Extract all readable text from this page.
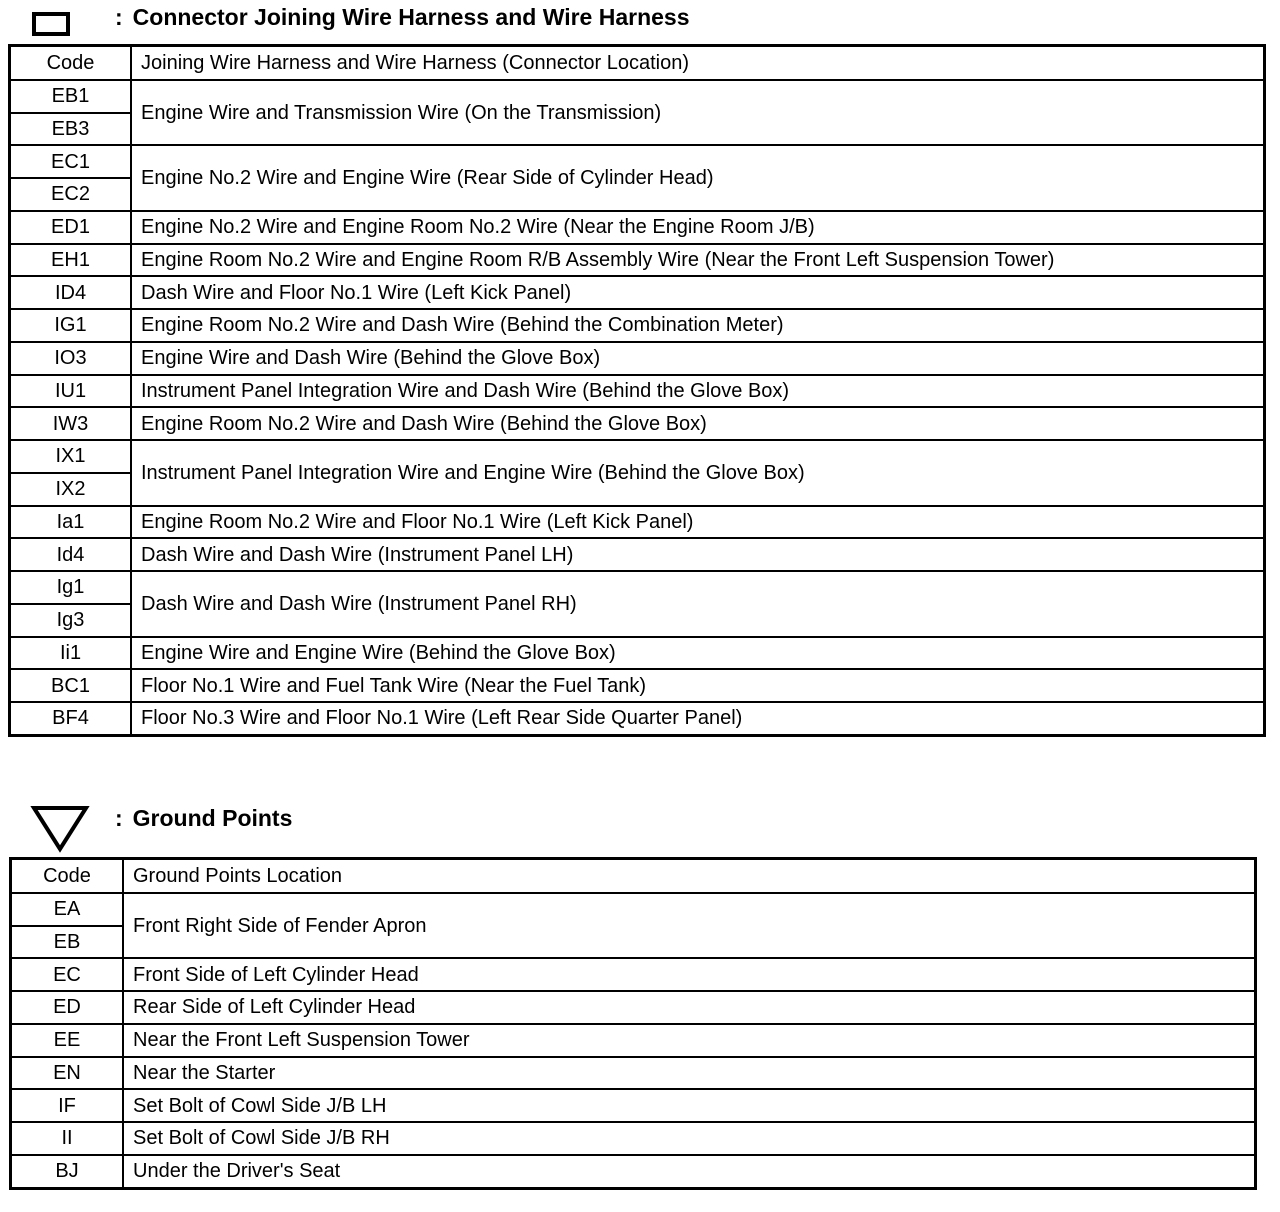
: Connector Joining Wire Harness and Wire Harness
Code	Joining Wire Harness and Wire Harness (Connector Location)
EB1	Engine Wire and Transmission Wire (On the Transmission)
EB3	
EC1	Engine No.2 Wire and Engine Wire (Rear Side of Cylinder Head)
EC2	
ED1	Engine No.2 Wire and Engine Room No.2 Wire (Near the Engine Room J/B)
EH1	Engine Room No.2 Wire and Engine Room R/B Assembly Wire (Near the Front Left Suspension Tower)
ID4	Dash Wire and Floor No.1 Wire (Left Kick Panel)
IG1	Engine Room No.2 Wire and Dash Wire (Behind the Combination Meter)
IO3	Engine Wire and Dash Wire (Behind the Glove Box)
IU1	Instrument Panel Integration Wire and Dash Wire (Behind the Glove Box)
IW3	Engine Room No.2 Wire and Dash Wire (Behind the Glove Box)
IX1	Instrument Panel Integration Wire and Engine Wire (Behind the Glove Box)
IX2	
Ia1	Engine Room No.2 Wire and Floor No.1 Wire (Left Kick Panel)
Id4	Dash Wire and Dash Wire (Instrument Panel LH)
Ig1	Dash Wire and Dash Wire (Instrument Panel RH)
Ig3	
Ii1	Engine Wire and Engine Wire (Behind the Glove Box)
BC1	Floor No.1 Wire and Fuel Tank Wire (Near the Fuel Tank)
BF4	Floor No.3 Wire and Floor No.1 Wire (Left Rear Side Quarter Panel)
: Ground Points
Code	Ground Points Location
EA	Front Right Side of Fender Apron
EB	
EC	Front Side of Left Cylinder Head
ED	Rear Side of Left Cylinder Head
EE	Near the Front Left Suspension Tower
EN	Near the Starter
IF	Set Bolt of Cowl Side J/B LH
II	Set Bolt of Cowl Side J/B RH
BJ	Under the Driver's Seat
